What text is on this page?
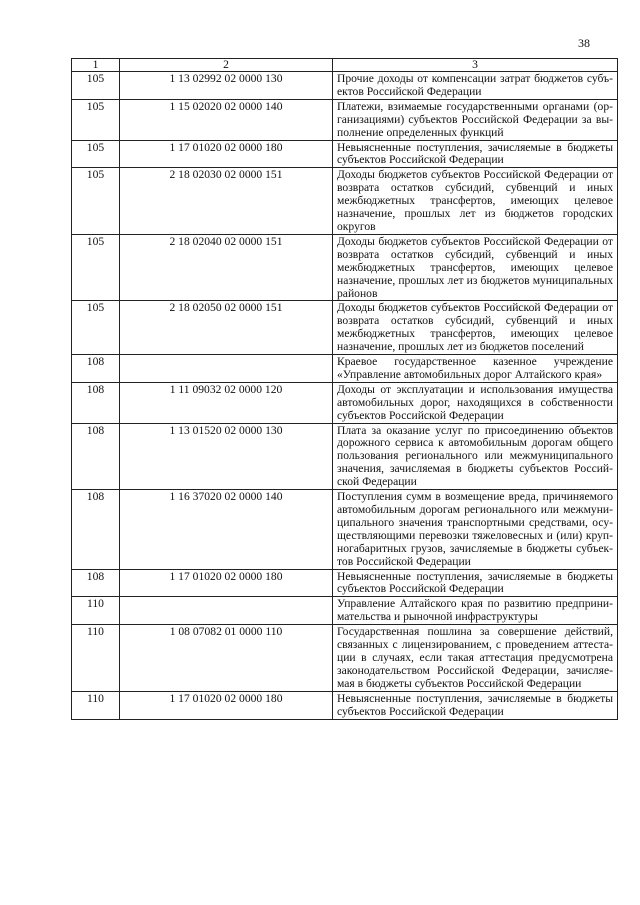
38
1	2	3
105	1 13 02992 02 0000 130	Прочие доходы от компенсации затрат бюджетов субъектов Российской Федерации
105	1 15 02020 02 0000 140	Платежи, взимаемые государственными органами (организациями) субъектов Российской Федерации за выполнение определенных функций
105	1 17 01020 02 0000 180	Невыясненные поступления, зачисляемые в бюджеты субъектов Российской Федерации
105	2 18 02030 02 0000 151	Доходы бюджетов субъектов Российской Федерации от возврата остатков субсидий, субвенций и иных межбюджетных трансфертов, имеющих целевое назначение, прошлых лет из бюджетов городских округов
105	2 18 02040 02 0000 151	Доходы бюджетов субъектов Российской Федерации от возврата остатков субсидий, субвенций и иных межбюджетных трансфертов, имеющих целевое назначение, прошлых лет из бюджетов муниципальных районов
105	2 18 02050 02 0000 151	Доходы бюджетов субъектов Российской Федерации от возврата остатков субсидий, субвенций и иных межбюджетных трансфертов, имеющих целевое назначение, прошлых лет из бюджетов поселений
108		Краевое государственное казенное учреждение «Управление автомобильных дорог Алтайского края»
108	1 11 09032 02 0000 120	Доходы от эксплуатации и использования имущества автомобильных дорог, находящихся в собственности субъектов Российской Федерации
108	1 13 01520 02 0000 130	Плата за оказание услуг по присоединению объектов дорожного сервиса к автомобильным дорогам общего пользования регионального или межмуниципального значения, зачисляемая в бюджеты субъектов Российской Федерации
108	1 16 37020 02 0000 140	Поступления сумм в возмещение вреда, причиняемого автомобильным дорогам регионального или межмуниципального значения транспортными средствами, осуществляющими перевозки тяжеловесных и (или) крупногабаритных грузов, зачисляемые в бюджеты субъектов Российской Федерации
108	1 17 01020 02 0000 180	Невыясненные поступления, зачисляемые в бюджеты субъектов Российской Федерации
110		Управление Алтайского края по развитию предпринимательства и рыночной инфраструктуры
110	1 08 07082 01 0000 110	Государственная пошлина за совершение действий, связанных с лицензированием, с проведением аттестации в случаях, если такая аттестация предусмотрена законодательством Российской Федерации, зачисляемая в бюджеты субъектов Российской Федерации
110	1 17 01020 02 0000 180	Невыясненные поступления, зачисляемые в бюджеты субъектов Российской Федерации
